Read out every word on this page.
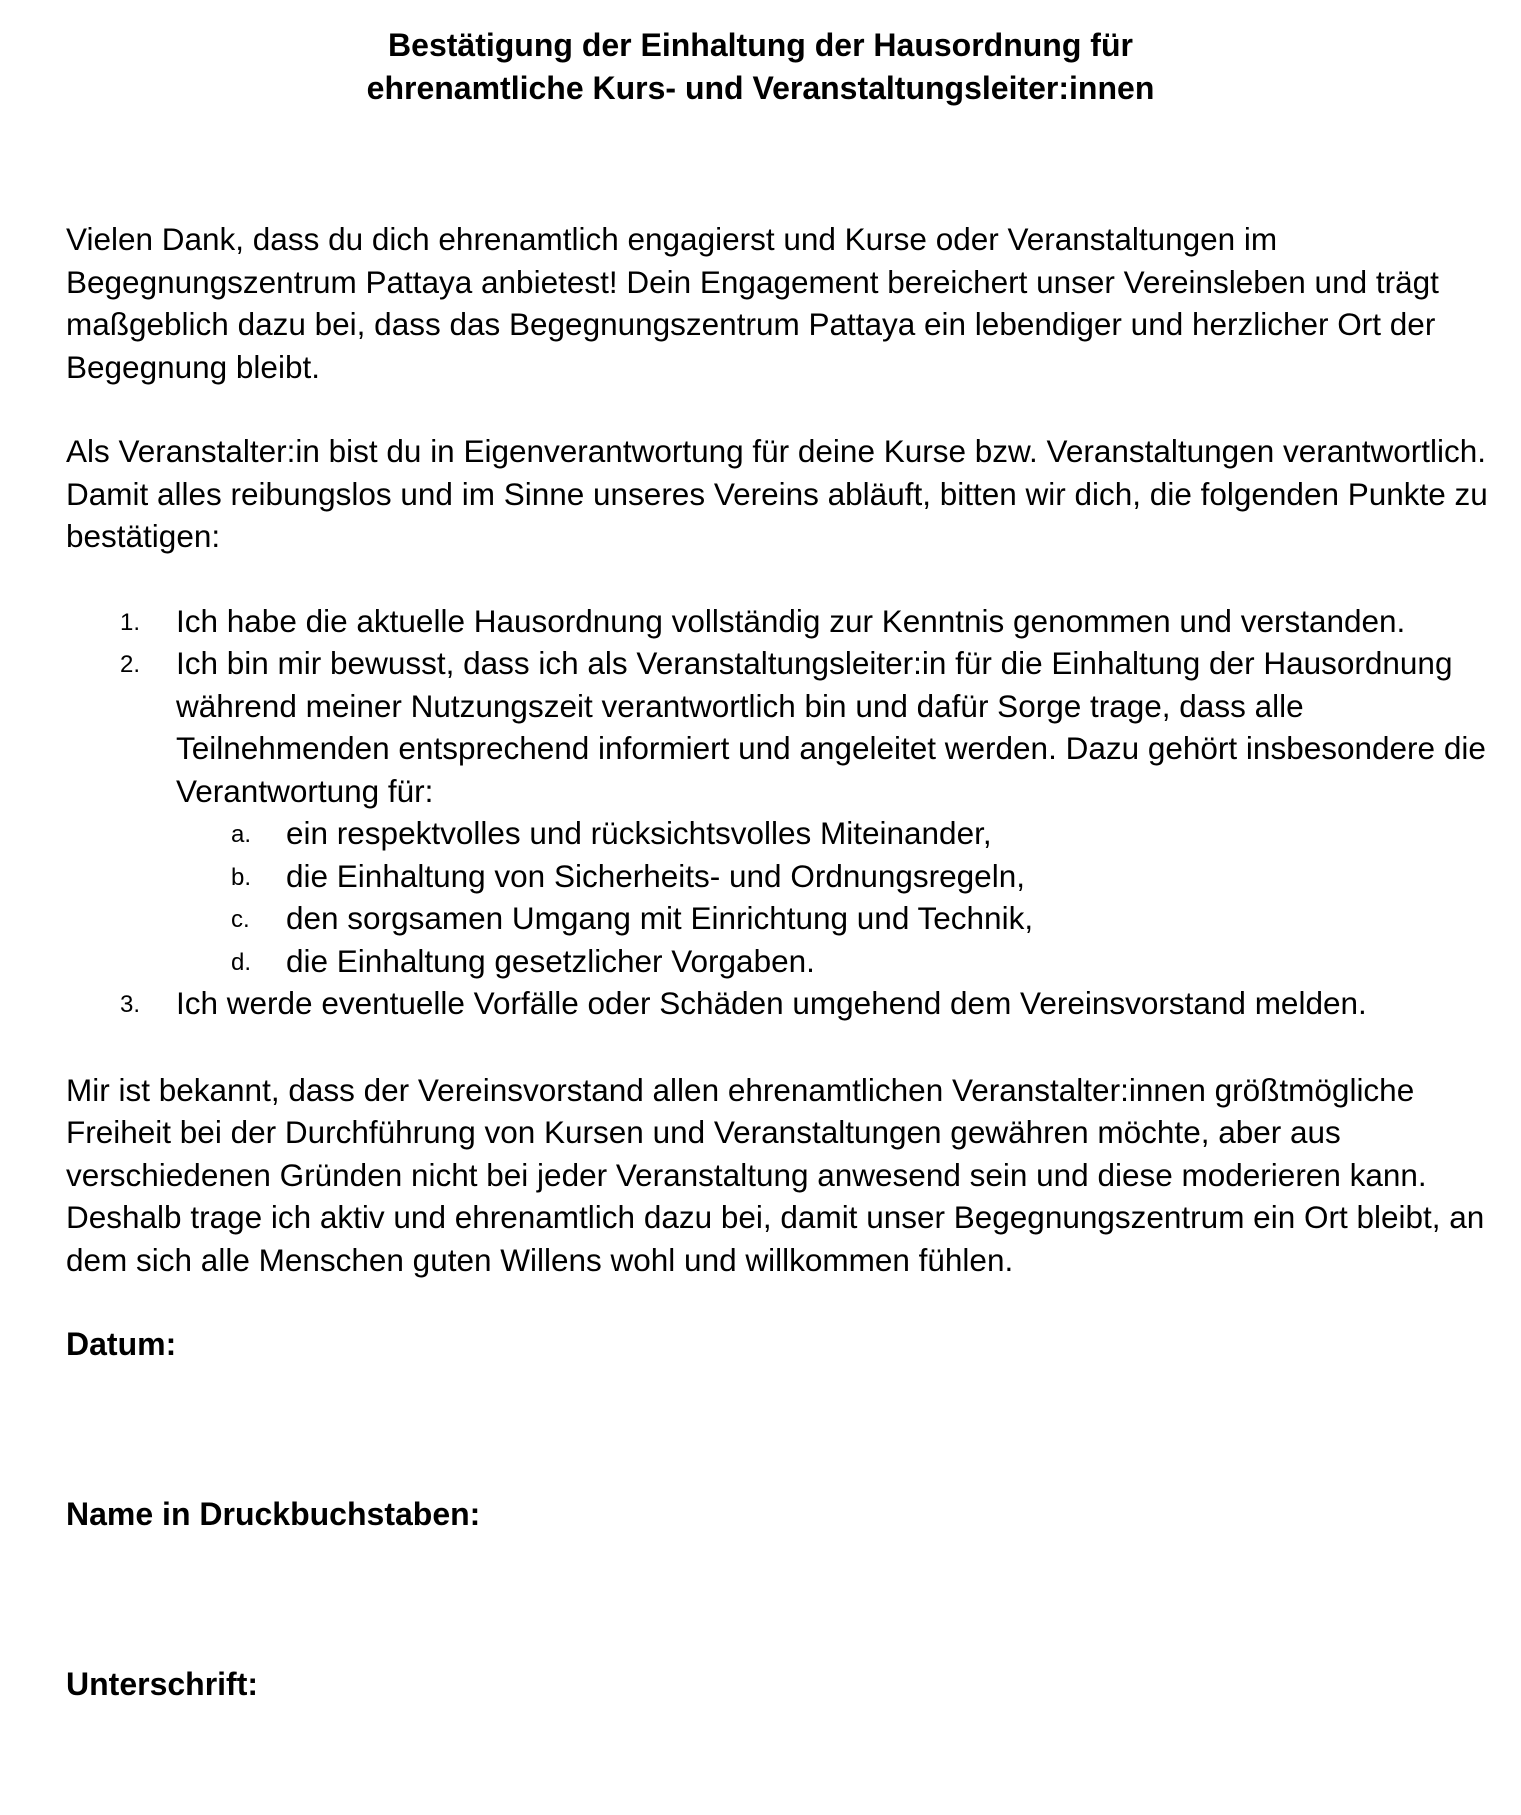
Bestätigung der Einhaltung der Hausordnung für
ehrenamtliche Kurs- und Veranstaltungsleiter:innen

Vielen Dank, dass du dich ehrenamtlich engagierst und Kurse oder Veranstaltungen im Begegnungszentrum Pattaya anbietest! Dein Engagement bereichert unser Vereinsleben und trägt maßgeblich dazu bei, dass das Begegnungszentrum Pattaya ein lebendiger und herzlicher Ort der Begegnung bleibt.

Als Veranstalter:in bist du in Eigenverantwortung für deine Kurse bzw. Veranstaltungen verantwortlich. Damit alles reibungslos und im Sinne unseres Vereins abläuft, bitten wir dich, die folgenden Punkte zu bestätigen:

1. Ich habe die aktuelle Hausordnung vollständig zur Kenntnis genommen und verstanden.
2. Ich bin mir bewusst, dass ich als Veranstaltungsleiter:in für die Einhaltung der Hausordnung während meiner Nutzungszeit verantwortlich bin und dafür Sorge trage, dass alle Teilnehmenden entsprechend informiert und angeleitet werden. Dazu gehört insbesondere die Verantwortung für:
a. ein respektvolles und rücksichtsvolles Miteinander,
b. die Einhaltung von Sicherheits- und Ordnungsregeln,
c. den sorgsamen Umgang mit Einrichtung und Technik,
d. die Einhaltung gesetzlicher Vorgaben.
3. Ich werde eventuelle Vorfälle oder Schäden umgehend dem Vereinsvorstand melden.

Mir ist bekannt, dass der Vereinsvorstand allen ehrenamtlichen Veranstalter:innen größtmögliche Freiheit bei der Durchführung von Kursen und Veranstaltungen gewähren möchte, aber aus verschiedenen Gründen nicht bei jeder Veranstaltung anwesend sein und diese moderieren kann. Deshalb trage ich aktiv und ehrenamtlich dazu bei, damit unser Begegnungszentrum ein Ort bleibt, an dem sich alle Menschen guten Willens wohl und willkommen fühlen.

Datum:
Name in Druckbuchstaben:
Unterschrift:
